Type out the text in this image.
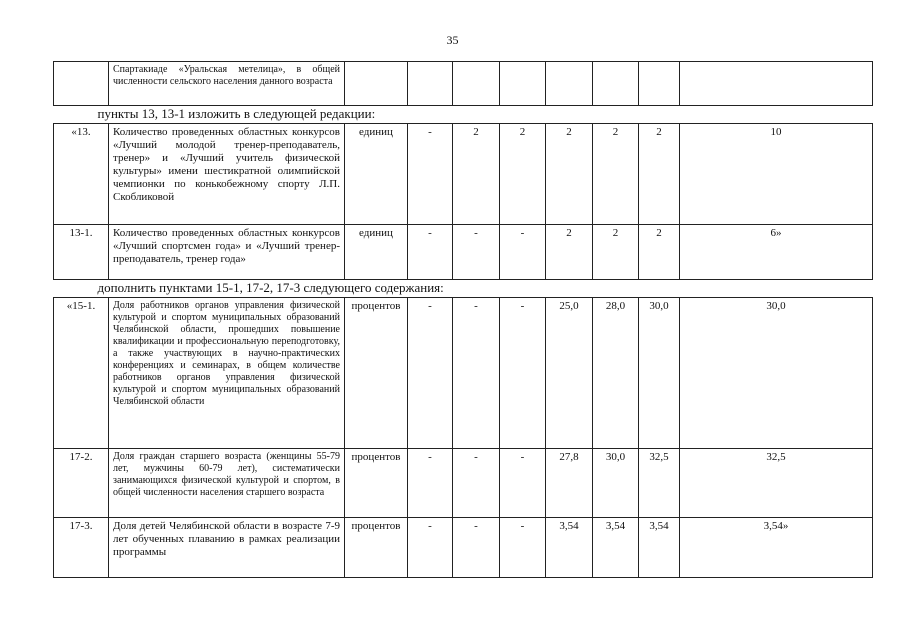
35
	Спартакиаде «Уральская метелица», в общей численности сельского населения данного возраста								
пункты 13, 13-1 изложить в следующей редакции:									
«13.	Количество проведенных областных конкурсов «Лучший молодой тренер-преподаватель, тренер» и «Лучший учитель физической культуры» имени шестикратной олимпийской чемпионки по конькобежному спорту Л.П. Скобликовой	единиц	-	2	2	2	2	2	10
13-1.	Количество проведенных областных конкурсов «Лучший спортсмен года» и «Лучший тренер-преподаватель, тренер года»	единиц	-	-	-	2	2	2	6»
дополнить пунктами 15-1, 17-2, 17-3 следующего содержания:									
«15-1.	Доля работников органов управления физической культурой и спортом муниципальных образований Челябинской области, прошедших повышение квалификации и профессиональную переподготовку, а также участвующих в научно-практических конференциях и семинарах, в общем количестве работников органов управления физической культурой и спортом муниципальных образований Челябинской области	процентов	-	-	-	25,0	28,0	30,0	30,0
17-2.	Доля граждан старшего возраста (женщины 55-79 лет, мужчины 60-79 лет), систематически занимающихся физической культурой и спортом, в общей численности населения старшего возраста	процентов	-	-	-	27,8	30,0	32,5	32,5
17-3.	Доля детей Челябинской области в возрасте 7-9 лет обученных плаванию в рамках реализации программы	процентов	-	-	-	3,54	3,54	3,54	3,54»
